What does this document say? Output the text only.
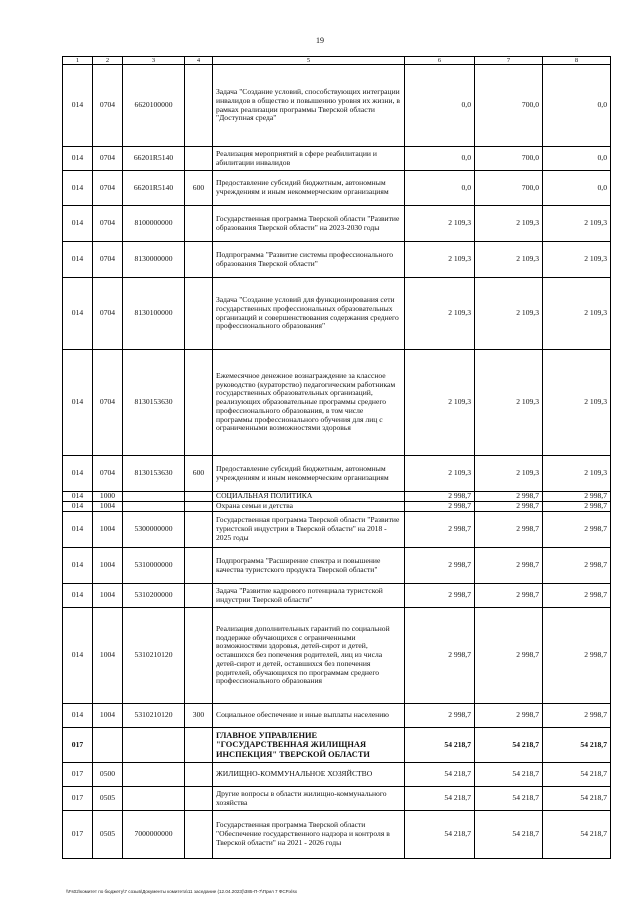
19
1	2	3	4	5	6	7	8
014	0704	6620100000		Задача "Создание условий, способствующих интеграции инвалидов в общество и повышению уровня их жизни, в рамках реализации программы Тверской области "Доступная среда"	0,0	700,0	0,0
014	0704	66201R5140		Реализация мероприятий в сфере реабилитации и абилитации инвалидов	0,0	700,0	0,0
014	0704	66201R5140	600	Предоставление субсидий бюджетным, автономным учреждениям и иным некоммерческим организациям	0,0	700,0	0,0
014	0704	8100000000		Государственная программа Тверской области "Развитие образования Тверской области" на 2023-2030 годы	2 109,3	2 109,3	2 109,3
014	0704	8130000000		Подпрограмма "Развитие системы профессионального образования Тверской области"	2 109,3	2 109,3	2 109,3
014	0704	8130100000		Задача "Создание условий для функционирования сети государственных профессиональных образовательных организаций и совершенствования содержания среднего профессионального образования"	2 109,3	2 109,3	2 109,3
014	0704	8130153630		Ежемесячное денежное вознаграждение за классное руководство (кураторство) педагогическим работникам государственных образовательных организаций, реализующих образовательные программы среднего профессионального образования, в том числе программы профессионального обучения для лиц с ограниченными возможностями здоровья	2 109,3	2 109,3	2 109,3
014	0704	8130153630	600	Предоставление субсидий бюджетным, автономным учреждениям и иным некоммерческим организациям	2 109,3	2 109,3	2 109,3
014	1000			СОЦИАЛЬНАЯ ПОЛИТИКА	2 998,7	2 998,7	2 998,7
014	1004			Охрана семьи и детства	2 998,7	2 998,7	2 998,7
014	1004	5300000000		Государственная программа Тверской области "Развитие туристской индустрии в Тверской области" на 2018 - 2025 годы	2 998,7	2 998,7	2 998,7
014	1004	5310000000		Подпрограмма "Расширение спектра и повышение качества туристского продукта Тверской области"	2 998,7	2 998,7	2 998,7
014	1004	5310200000		Задача "Развитие кадрового потенциала туристской индустрии Тверской области"	2 998,7	2 998,7	2 998,7
014	1004	5310210120		Реализация дополнительных гарантий по социальной поддержке обучающихся с ограниченными возможностями здоровья, детей-сирот и детей, оставшихся без попечения родителей, лиц из числа детей-сирот и детей, оставшихся без попечения родителей, обучающихся по программам среднего профессионального образования	2 998,7	2 998,7	2 998,7
014	1004	5310210120	300	Социальное обеспечение и иные выплаты населению	2 998,7	2 998,7	2 998,7
017				ГЛАВНОЕ УПРАВЛЕНИЕ "ГОСУДАРСТВЕННАЯ ЖИЛИЩНАЯ ИНСПЕКЦИЯ" ТВЕРСКОЙ ОБЛАСТИ	54 218,7	54 218,7	54 218,7
017	0500			ЖИЛИЩНО-КОММУНАЛЬНОЕ ХОЗЯЙСТВО	54 218,7	54 218,7	54 218,7
017	0505			Другие вопросы в области жилищно-коммунального хозяйства	54 218,7	54 218,7	54 218,7
017	0505	7000000000		Государственная программа Тверской области "Обеспечение государственного надзора и контроля в Тверской области" на 2021 - 2026 годы	54 218,7	54 218,7	54 218,7
\\Fs02\комитет по бюджету\7 созыв\Документы комитета\11 заседание (12.04.2023)\385-П-7\Прил 7 ФСР.xlsx
